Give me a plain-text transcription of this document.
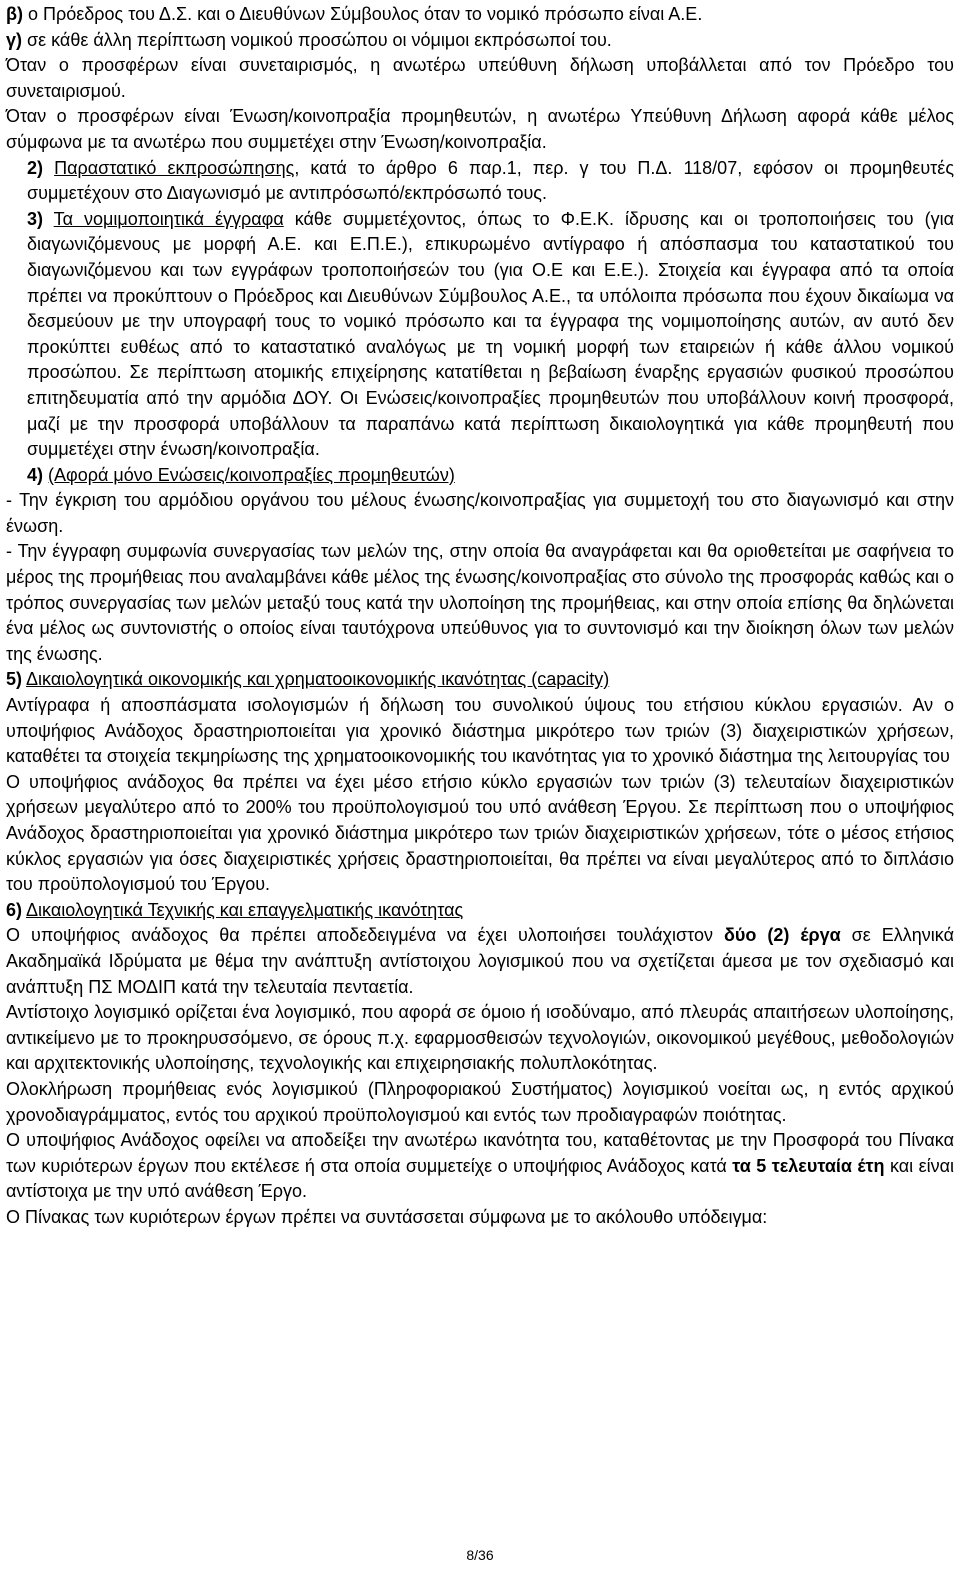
β) ο Πρόεδρος του Δ.Σ. και ο Διευθύνων Σύμβουλος όταν το νομικό πρόσωπο είναι Α.Ε.

γ) σε κάθε άλλη περίπτωση νομικού προσώπου οι νόμιμοι εκπρόσωποί του.

Όταν ο προσφέρων είναι συνεταιρισμός, η ανωτέρω υπεύθυνη δήλωση υποβάλλεται από τον Πρόεδρο του συνεταιρισμού.

Όταν ο προσφέρων είναι Ένωση/κοινοπραξία προμηθευτών, η ανωτέρω Υπεύθυνη Δήλωση αφορά κάθε μέλος σύμφωνα με τα ανωτέρω που συμμετέχει στην Ένωση/κοινοπραξία.

2) Παραστατικό εκπροσώπησης, κατά το άρθρο 6 παρ.1, περ. γ του Π.Δ. 118/07, εφόσον οι προμηθευτές συμμετέχουν στο Διαγωνισμό με αντιπρόσωπό/εκπρόσωπό τους.

3) Τα νομιμοποιητικά έγγραφα κάθε συμμετέχοντος, όπως το Φ.Ε.Κ. ίδρυσης και οι τροποποιήσεις του (για διαγωνιζόμενους με μορφή Α.Ε. και Ε.Π.Ε.), επικυρωμένο αντίγραφο ή απόσπασμα του καταστατικού του διαγωνιζόμενου και των εγγράφων τροποποιήσεών του (για Ο.Ε και Ε.Ε.). Στοιχεία και έγγραφα από τα οποία πρέπει να προκύπτουν ο Πρόεδρος και Διευθύνων Σύμβουλος Α.Ε., τα υπόλοιπα πρόσωπα που έχουν δικαίωμα να δεσμεύουν με την υπογραφή τους το νομικό πρόσωπο και τα έγγραφα της νομιμοποίησης αυτών, αν αυτό δεν προκύπτει ευθέως από το καταστατικό αναλόγως με τη νομική μορφή των εταιρειών ή κάθε άλλου νομικού προσώπου. Σε περίπτωση ατομικής επιχείρησης κατατίθεται η βεβαίωση έναρξης εργασιών φυσικού προσώπου επιτηδευματία από την αρμόδια ΔΟΥ. Οι Ενώσεις/κοινοπραξίες προμηθευτών που υποβάλλουν κοινή προσφορά, μαζί με την προσφορά υποβάλλουν τα παραπάνω κατά περίπτωση δικαιολογητικά για κάθε προμηθευτή που συμμετέχει στην ένωση/κοινοπραξία.

4) (Αφορά μόνο Ενώσεις/κοινοπραξίες προμηθευτών)

- Την έγκριση του αρμόδιου οργάνου του μέλους ένωσης/κοινοπραξίας για συμμετοχή του στο διαγωνισμό και στην ένωση.

- Την έγγραφη συμφωνία συνεργασίας των μελών της, στην οποία θα αναγράφεται και θα οριοθετείται με σαφήνεια το μέρος της προμήθειας που αναλαμβάνει κάθε μέλος της ένωσης/κοινοπραξίας στο σύνολο της προσφοράς καθώς και ο τρόπος συνεργασίας των μελών μεταξύ τους κατά την υλοποίηση της προμήθειας, και στην οποία επίσης θα δηλώνεται ένα μέλος ως συντονιστής ο οποίος είναι ταυτόχρονα υπεύθυνος για το συντονισμό και την διοίκηση όλων των μελών της ένωσης.

5) Δικαιολογητικά οικονομικής και χρηματοοικονομικής ικανότητας (capacity)

Αντίγραφα ή αποσπάσματα ισολογισμών ή δήλωση του συνολικού ύψους του ετήσιου κύκλου εργασιών. Αν ο υποψήφιος Ανάδοχος δραστηριοποιείται για χρονικό διάστημα μικρότερο των τριών (3) διαχειριστικών χρήσεων, καταθέτει τα στοιχεία τεκμηρίωσης της χρηματοοικονομικής του ικανότητας για το χρονικό διάστημα της λειτουργίας του

Ο υποψήφιος ανάδοχος θα πρέπει να έχει μέσο ετήσιο κύκλο εργασιών των τριών (3) τελευταίων διαχειριστικών χρήσεων μεγαλύτερο από το 200% του προϋπολογισμού του υπό ανάθεση Έργου. Σε περίπτωση που ο υποψήφιος Ανάδοχος δραστηριοποιείται για χρονικό διάστημα μικρότερο των τριών διαχειριστικών χρήσεων, τότε ο μέσος ετήσιος κύκλος εργασιών για όσες διαχειριστικές χρήσεις δραστηριοποιείται, θα πρέπει να είναι μεγαλύτερος από το διπλάσιο του προϋπολογισμού του Έργου.

6) Δικαιολογητικά Τεχνικής και επαγγελματικής ικανότητας

Ο υποψήφιος ανάδοχος θα πρέπει αποδεδειγμένα να έχει υλοποιήσει τουλάχιστον δύο (2) έργα σε Ελληνικά Ακαδημαϊκά Ιδρύματα με θέμα την ανάπτυξη αντίστοιχου λογισμικού που να σχετίζεται άμεσα με τον σχεδιασμό και ανάπτυξη ΠΣ ΜΟΔΙΠ κατά την τελευταία πενταετία.

Αντίστοιχο λογισμικό ορίζεται ένα λογισμικό, που αφορά σε όμοιο ή ισοδύναμο, από πλευράς απαιτήσεων υλοποίησης, αντικείμενο με το προκηρυσσόμενο, σε όρους π.χ. εφαρμοσθεισών τεχνολογιών, οικονομικού μεγέθους, μεθοδολογιών και αρχιτεκτονικής υλοποίησης, τεχνολογικής και επιχειρησιακής πολυπλοκότητας.

Ολοκλήρωση προμήθειας ενός λογισμικού (Πληροφοριακού Συστήματος) λογισμικού νοείται ως, η εντός αρχικού χρονοδιαγράμματος, εντός του αρχικού προϋπολογισμού και εντός των προδιαγραφών ποιότητας.

Ο υποψήφιος Ανάδοχος οφείλει να αποδείξει την ανωτέρω ικανότητα του, καταθέτοντας με την Προσφορά του Πίνακα των κυριότερων έργων που εκτέλεσε ή στα οποία συμμετείχε ο υποψήφιος Ανάδοχος κατά τα 5 τελευταία έτη και είναι αντίστοιχα με την υπό ανάθεση Έργο.

Ο Πίνακας των κυριότερων έργων πρέπει να συντάσσεται σύμφωνα με το ακόλουθο υπόδειγμα:

8/36
